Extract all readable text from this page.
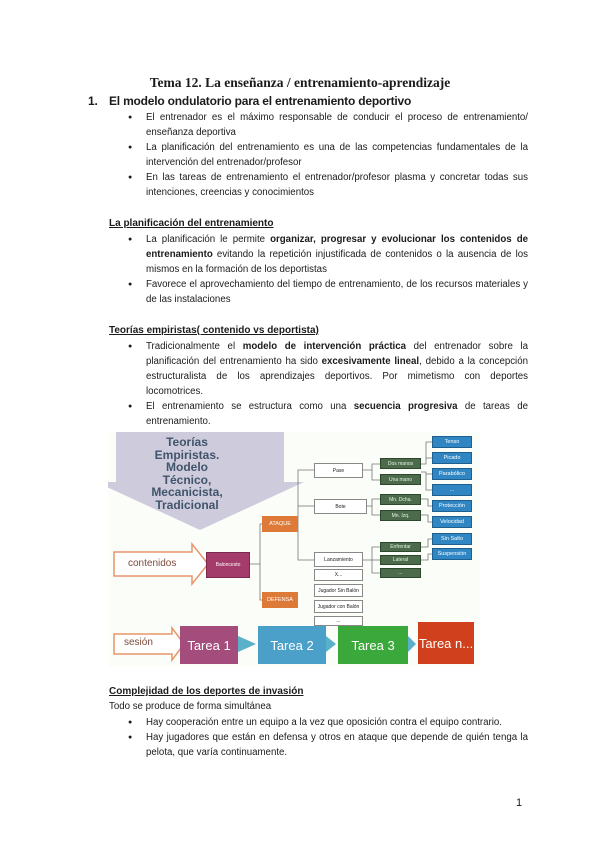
Tema 12. La enseñanza / entrenamiento-aprendizaje
1. El modelo ondulatorio para el entrenamiento deportivo
● El entrenador es el máximo responsable de conducir el proceso de entrenamiento/ enseñanza deportiva
● La planificación del entrenamiento es una de las competencias fundamentales de la intervención del entrenador/profesor
● En las tareas de entrenamiento el entrenador/profesor plasma y concretar todas sus intenciones, creencias y conocimientos
La planificación del entrenamiento
● La planificación le permite organizar, progresar y evolucionar los contenidos de entrenamiento evitando la repetición injustificada de contenidos o la ausencia de los mismos en la formación de los deportistas
● Favorece el aprovechamiento del tiempo de entrenamiento, de los recursos materiales y de las instalaciones
Teorías empiristas( contenido vs deportista)
● Tradicionalmente el modelo de intervención práctica del entrenador sobre la planificación del entrenamiento ha sido excesivamente lineal, debido a la concepción estructuralista de los aprendizajes deportivos. Por mimetismo con deportes locomotrices.
● El entrenamiento se estructura como una secuencia progresiva de tareas de entrenamiento.
Teorías
Empiristas.
Modelo
Técnico,
Mecanicista,
Tradicional
contenidos
sesión
Baloncesto
ATAQUE
DEFENSA
Pase
Bote
Lanzamiento
X...
Jugador Sin Balón
Jugador con Balón
...
Dos manos
Una mano
Mn. Dcha.
Mn. Izq.
Enfrentar
Lateral
...
Tenso
Picado
Parabólico
...
Protección
Velocidad
Sin Salto
Suspensión
Tarea 1	Tarea 2	Tarea 3	Tarea n...
Complejidad de los deportes de invasión
Todo se produce de forma simultánea
● Hay cooperación entre un equipo a la vez que oposición contra el equipo contrario.
● Hay jugadores que están en defensa y otros en ataque que depende de quién tenga la pelota, que varía continuamente.
1
